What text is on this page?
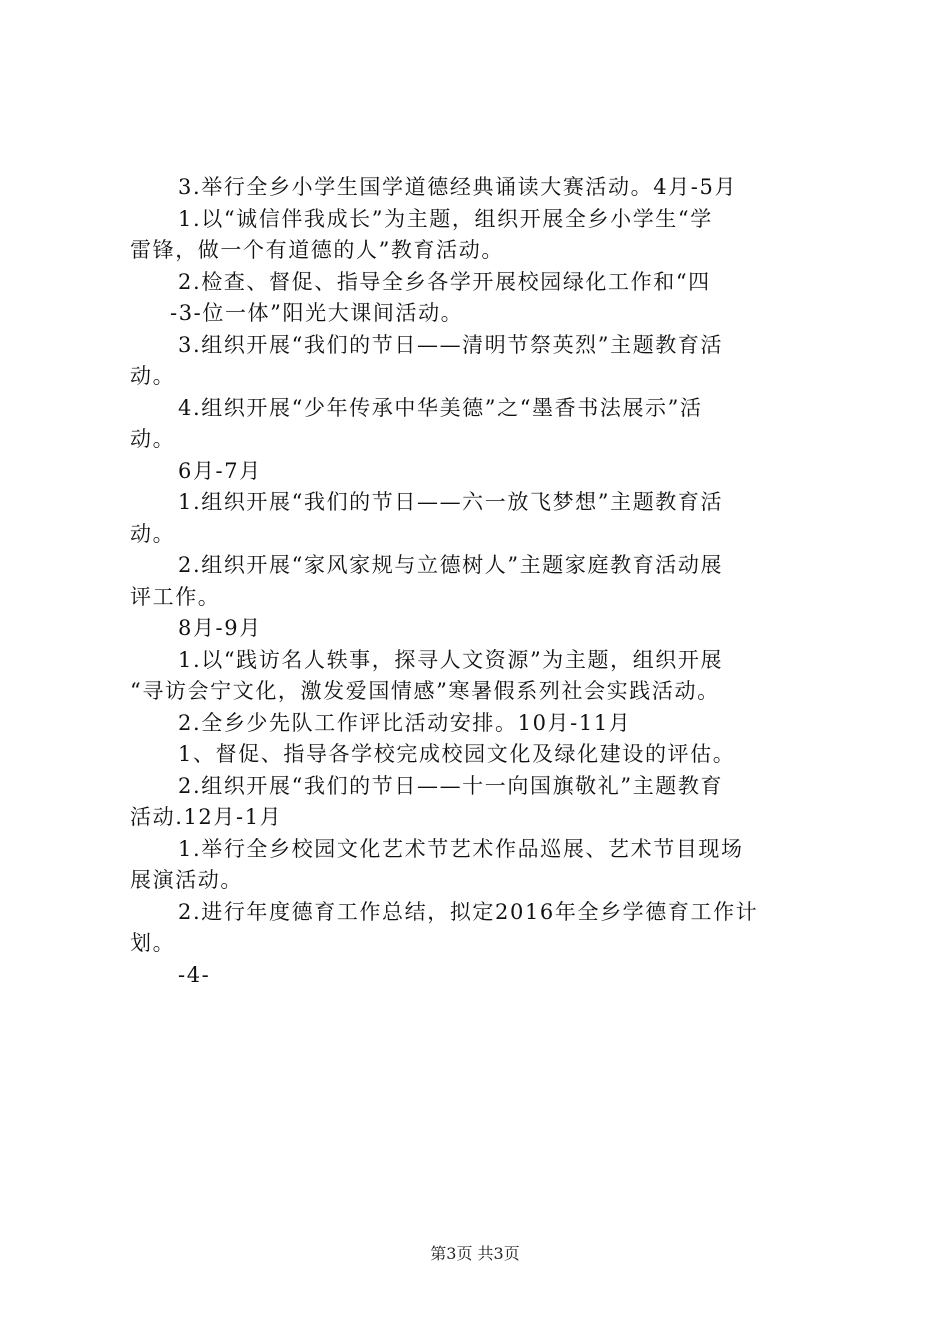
3.举行全乡小学生国学道德经典诵读大赛活动。4月-5月
1.以“诚信伴我成长”为主题，组织开展全乡小学生“学
雷锋，做一个有道德的人”教育活动。
2.检查、督促、指导全乡各学开展校园绿化工作和“四
-3-位一体”阳光大课间活动。
3.组织开展“我们的节日——清明节祭英烈”主题教育活
动。
4.组织开展“少年传承中华美德”之“墨香书法展示”活
动。
6月-7月
1.组织开展“我们的节日——六一放飞梦想”主题教育活
动。
2.组织开展“家风家规与立德树人”主题家庭教育活动展
评工作。
8月-9月
1.以“践访名人轶事，探寻人文资源”为主题，组织开展
“寻访会宁文化，激发爱国情感”寒暑假系列社会实践活动。
2.全乡少先队工作评比活动安排。10月-11月
1、督促、指导各学校完成校园文化及绿化建设的评估。
2.组织开展“我们的节日——十一向国旗敬礼”主题教育
活动.12月-1月
1.举行全乡校园文化艺术节艺术作品巡展、艺术节目现场
展演活动。
2.进行年度德育工作总结，拟定2016年全乡学德育工作计
划。
-4-
第3页 共3页
